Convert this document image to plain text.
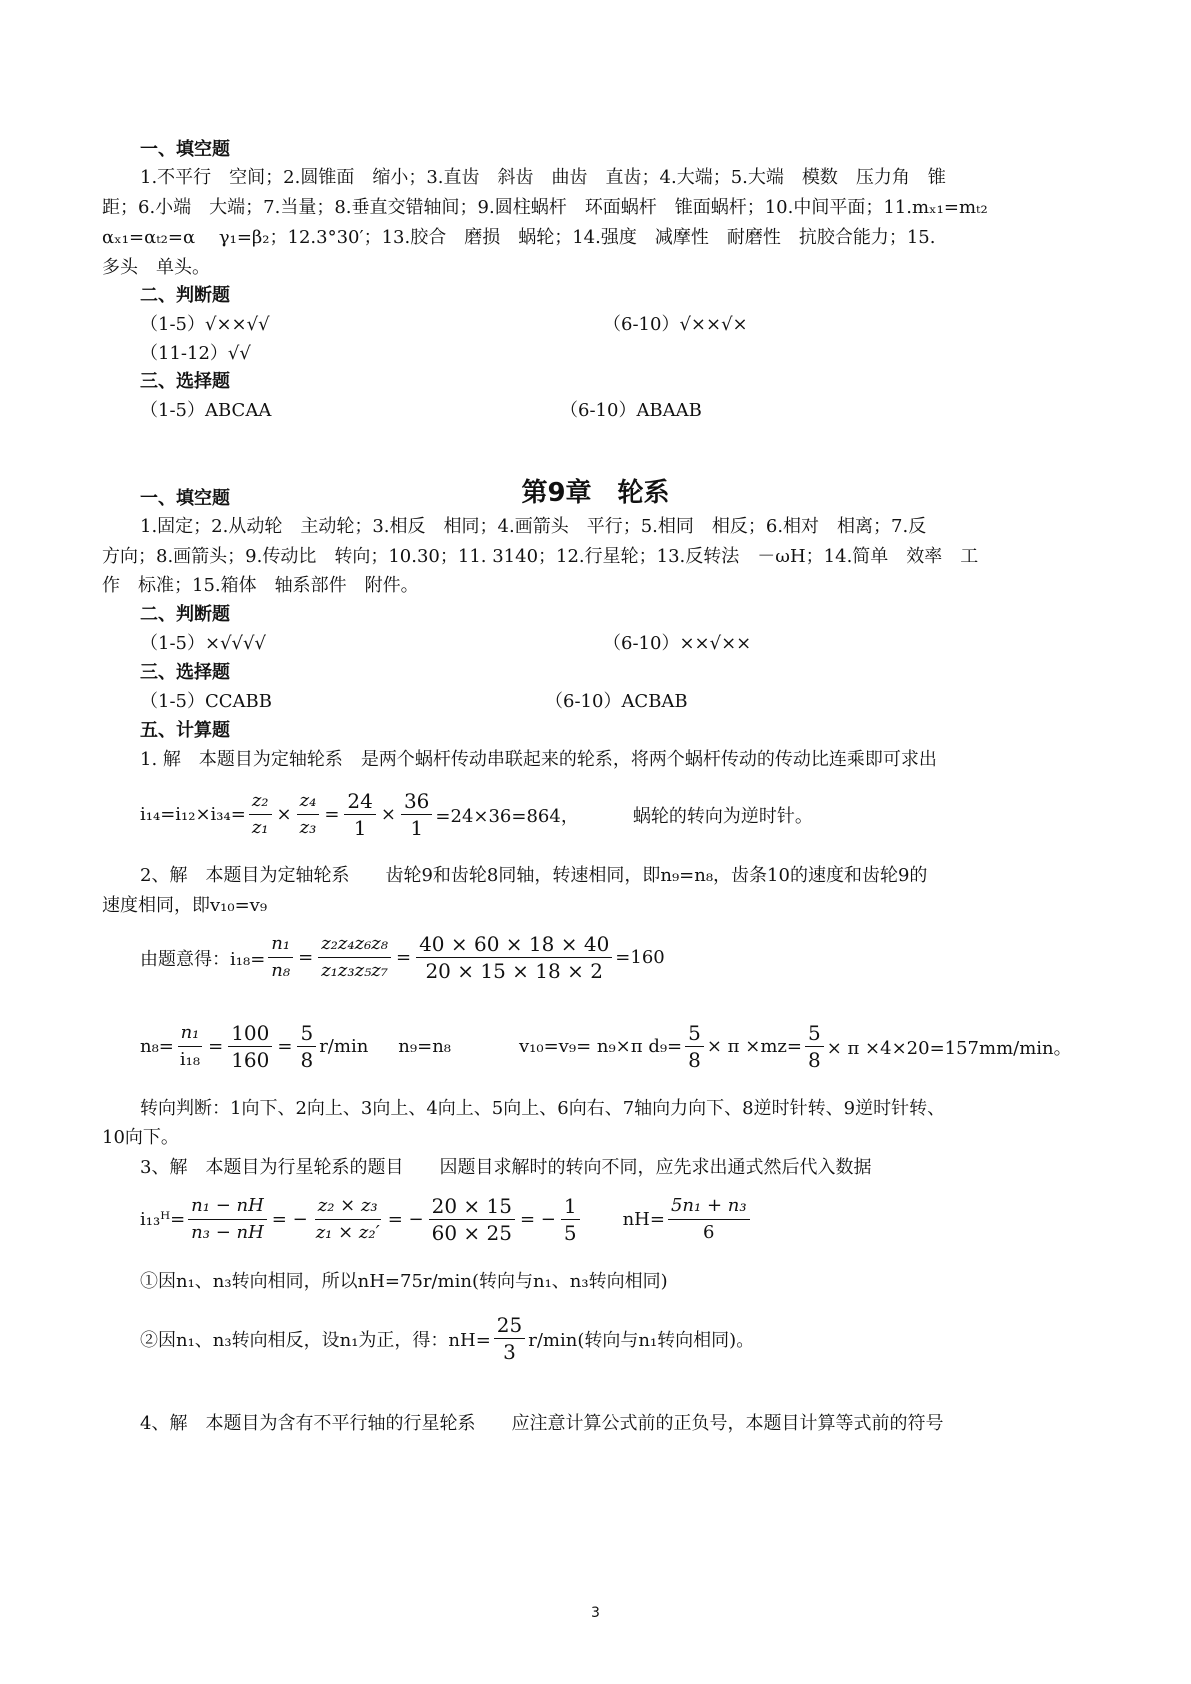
一、填空题
1.不平行　空间；2.圆锥面　缩小；3.直齿　斜齿　曲齿　直齿；4.大端；5.大端　模数　压力角　锥
距；6.小端　大端；7.当量；8.垂直交错轴间；9.圆柱蜗杆　环面蜗杆　锥面蜗杆；10.中间平面；11.mₓ₁=mₜ₂
αₓ₁=αₜ₂=α　 γ₁=β₂；12.3°30′；13.胶合　磨损　蜗轮；14.强度　减摩性　耐磨性　抗胶合能力；15.
多头　单头。
二、判断题
（1-5）√××√√	（6-10）√××√×
（11-12）√√
三、选择题
（1-5）ABCAA	（6-10）ABAAB
第9章　轮系
一、填空题
1.固定；2.从动轮　主动轮；3.相反　相同；4.画箭头　平行；5.相同　相反；6.相对　相离；7.反
方向；8.画箭头；9.传动比　转向；10.30；11. 3140；12.行星轮；13.反转法　－ωH；14.简单　效率　工
作　标准；15.箱体　轴系部件　附件。
二、判断题
（1-5）×√√√√	（6-10）××√××
三、选择题
（1-5）CCABB	（6-10）ACBAB
五、计算题
1. 解　本题目为定轴轮系　是两个蜗杆传动串联起来的轮系，将两个蜗杆传动的传动比连乘即可求出
$i_{14}=i_{12}\times i_{34}= \frac{\text{z₂}}{\text{z₁}} \times \frac{\text{z₄}}{\text{z₃}} = \frac{24}{1} \times \frac{36}{1} =24\times 36=864$，	蜗轮的转向为逆时针。
2、解　本题目为定轴轮系　　齿轮9和齿轮8同轴，转速相同，即n₉=n₈，齿条10的速度和齿轮9的
速度相同，即v₁₀=v₉
由题意得：$i_{18}= \frac{\text{n₁}}{\text{n₈}} = \frac{\text{z₂z₄z₆z₈}}{\text{z₁z₃z₅z₇}} = \frac{40 \times 60 \times 18 \times 40}{20 \times 15 \times 18 \times 2} =160$
$n_8= \frac{\text{n₁}}{\text{i₁₈}} = \frac{100}{160} = \frac{5}{8} r/\min$ n₉=n₈	v₁₀=v₉= n₉×π $d_9= \frac{5}{8} \times \pi \times mz= \frac{5}{8} \times \pi \times 4\times 20=157mm/\min$。
转向判断：1向下、2向上、3向上、4向上、5向上、6向右、7轴向力向下、8逆时针转、9逆时针转、
10向下。
3、解　本题目为行星轮系的题目　　因题目求解时的转向不同，应先求出通式然后代入数据
i₁₃ᴴ= $\frac{\text{n₁ − nH}}{\text{n₃ − nH}}$ = − $\frac{\text{z₂ × z₃}}{\text{z₁ × z₂′}}$ = − $\frac{20 \times 15}{60 \times 25}$ = − $\frac{1}{5} nH= \frac{\text{5n₁ + n₃}}{6}$
①因n₁、n₃转向相同，所以nH=75r/min(转向与n₁、n₃转向相同)
②因n₁、n₃转向相反，设n₁为正，得：$nH= \frac{25}{3} r/\min$(转向与n₁转向相同)。
4、解　本题目为含有不平行轴的行星轮系　　应注意计算公式前的正负号，本题目计算等式前的符号
3
